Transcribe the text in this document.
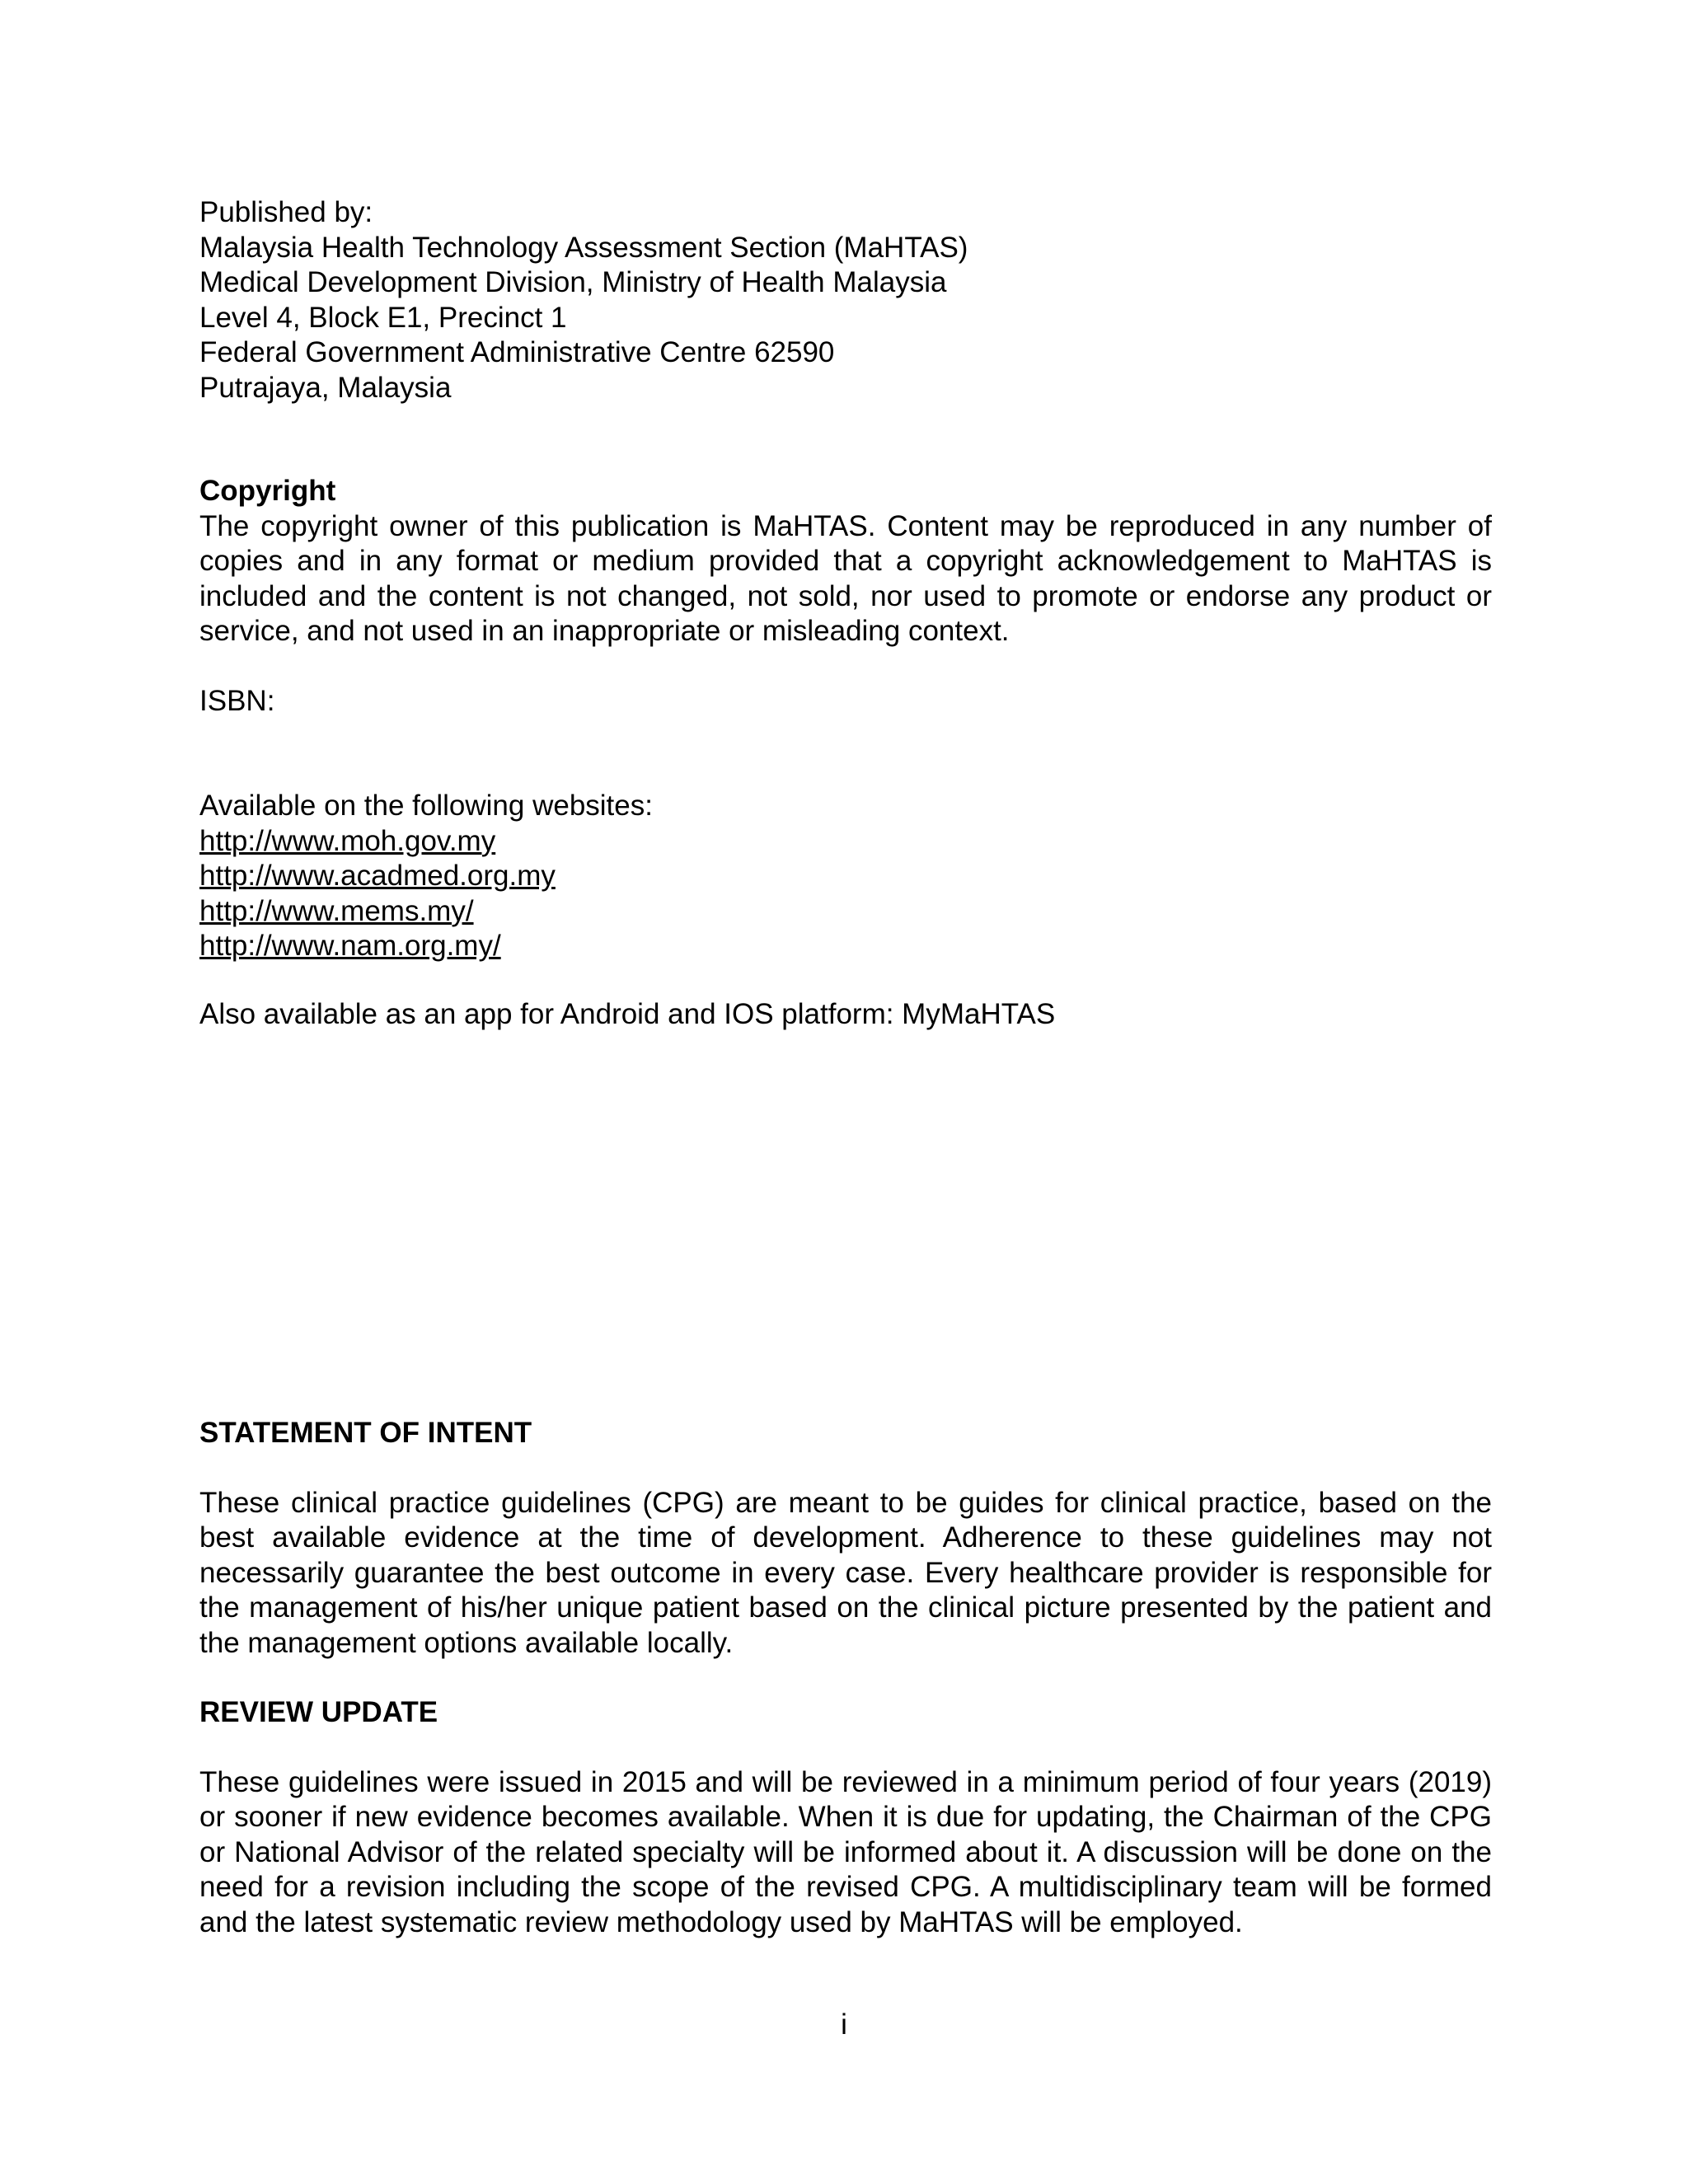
Published by:
Malaysia Health Technology Assessment Section (MaHTAS)
Medical Development Division, Ministry of Health Malaysia
Level 4, Block E1, Precinct 1
Federal Government Administrative Centre 62590
Putrajaya, Malaysia
Copyright
The copyright owner of this publication is MaHTAS. Content may be reproduced in any number of copies and in any format or medium provided that a copyright acknowledgement to MaHTAS is included and the content is not changed, not sold, nor used to promote or endorse any product or service, and not used in an inappropriate or misleading context.
ISBN:
Available on the following websites:
http://www.moh.gov.my
http://www.acadmed.org.my
http://www.mems.my/
http://www.nam.org.my/
Also available as an app for Android and IOS platform: MyMaHTAS
STATEMENT OF INTENT
These clinical practice guidelines (CPG) are meant to be guides for clinical practice, based on the best available evidence at the time of development. Adherence to these guidelines may not necessarily guarantee the best outcome in every case. Every healthcare provider is responsible for the management of his/her unique patient based on the clinical picture presented by the patient and the management options available locally.
REVIEW UPDATE
These guidelines were issued in 2015 and will be reviewed in a minimum period of four years (2019) or sooner if new evidence becomes available. When it is due for updating, the Chairman of the CPG or National Advisor of the related specialty will be informed about it. A discussion will be done on the need for a revision including the scope of the revised CPG. A multidisciplinary team will be formed and the latest systematic review methodology used by MaHTAS will be employed.
i
